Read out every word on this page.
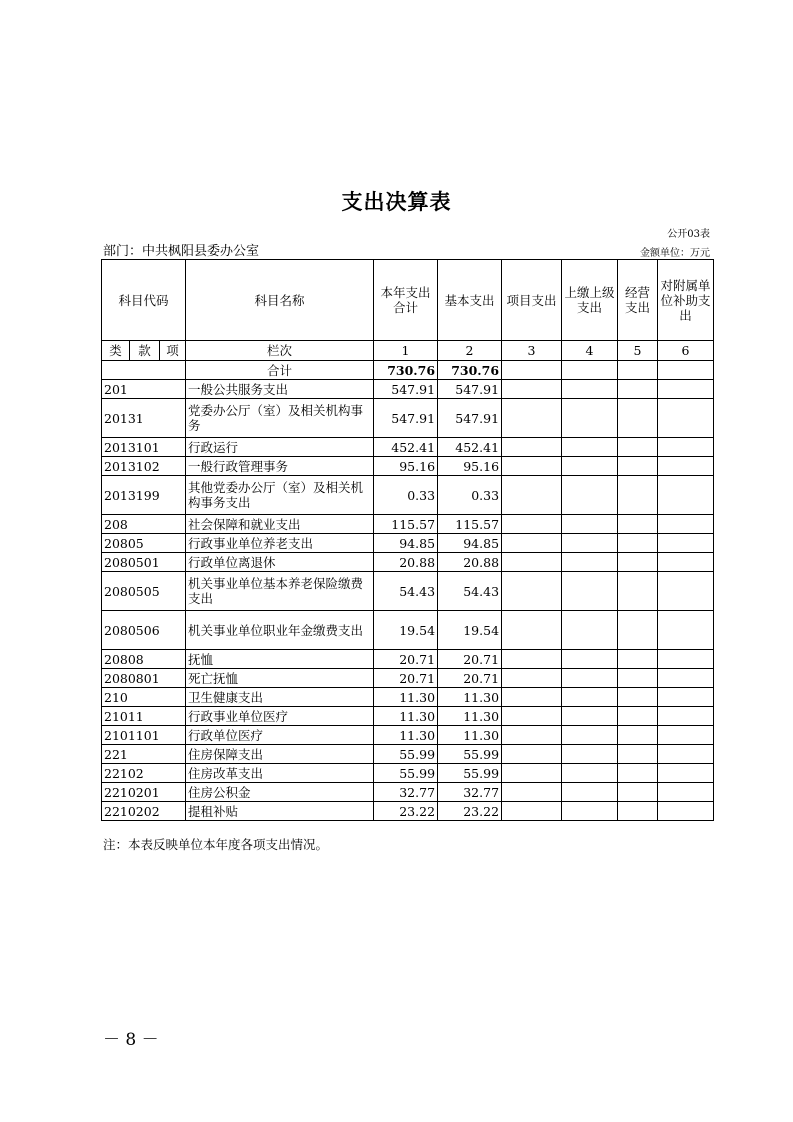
支出决算表
公开03表
部门：中共枫阳县委办公室	金额单位：万元
科目代码			科目名称	本年支出合计	基本支出	项目支出	上缴上级支出	经营支出	对附属单位补助支出
类	款	项	栏次	1	2	3	4	5	6
			合计	730.76	730.76				
201			一般公共服务支出	547.91	547.91				
20131			党委办公厅（室）及相关机构事务	547.91	547.91				
2013101			行政运行	452.41	452.41				
2013102			一般行政管理事务	95.16	95.16				
2013199			其他党委办公厅（室）及相关机构事务支出	0.33	0.33				
208			社会保障和就业支出	115.57	115.57				
20805			行政事业单位养老支出	94.85	94.85				
2080501			行政单位离退休	20.88	20.88				
2080505			机关事业单位基本养老保险缴费支出	54.43	54.43				
2080506			机关事业单位职业年金缴费支出	19.54	19.54				
20808			抚恤	20.71	20.71				
2080801			死亡抚恤	20.71	20.71				
210			卫生健康支出	11.30	11.30				
21011			行政事业单位医疗	11.30	11.30				
2101101			行政单位医疗	11.30	11.30				
221			住房保障支出	55.99	55.99				
22102			住房改革支出	55.99	55.99				
2210201			住房公积金	32.77	32.77				
2210202			提租补贴	23.22	23.22				
注：本表反映单位本年度各项支出情况。
－ 8 －
